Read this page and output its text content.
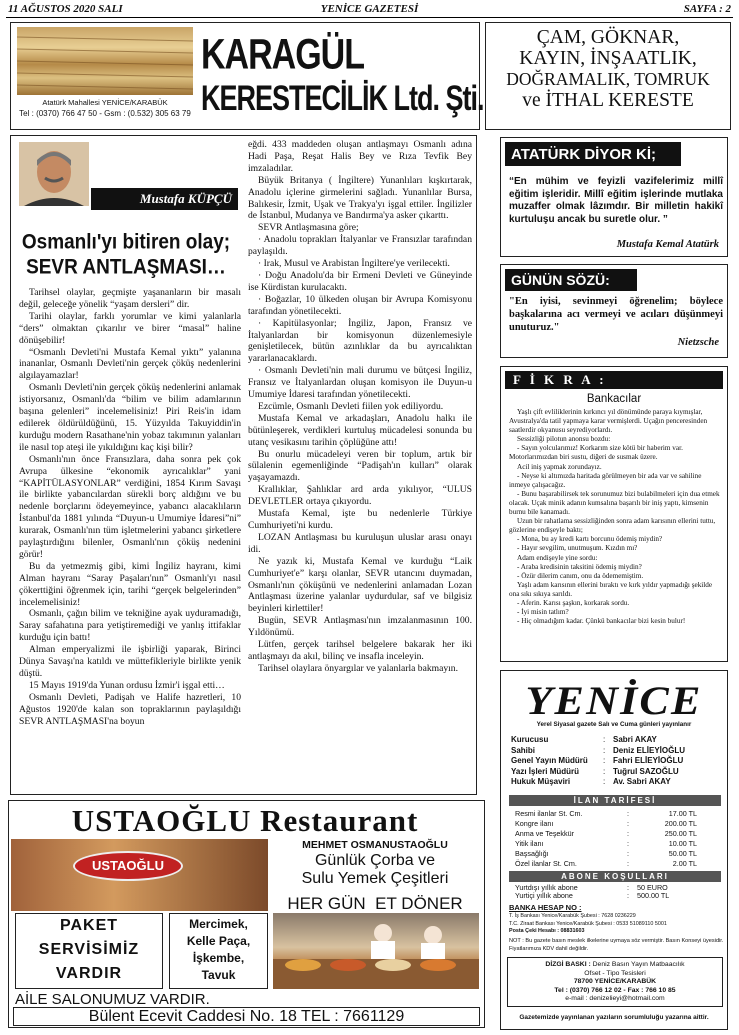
11 AĞUSTOS 2020 SALI	YENİCE GAZETESİ	SAYFA : 2
Atatürk Mahallesi YENİCE/KARABÜK
Tel : (0370) 766 47 50 - Gsm : (0.532) 305 63 79
KARAGÜL
KERESTECİLİK Ltd. Şti.
ÇAM, GÖKNAR,
KAYIN, İNŞAATLIK,
DOĞRAMALIK, TOMRUK
ve İTHAL KERESTE
Mustafa KÜPÇÜ
Osmanlı'yı bitiren olay;
SEVR ANTLAŞMASI…

Tarihsel olaylar, geçmişte yaşananların bir masalı değil, geleceğe yönelik “yaşam dersleri” dir.

Tarihi olaylar, farklı yorumlar ve kimi yalanlarla “ders” olmaktan çıkarılır ve birer “masal” haline dönüşebilir!

“Osmanlı Devleti'ni Mustafa Kemal yıktı” yalanına inananlar, Osmanlı Devleti'nin gerçek çöküş nedenlerini algılayamazlar!

Osmanlı Devleti'nin gerçek çöküş nedenlerini anlamak istiyorsanız, Osmanlı'da “bilim ve bilim adamlarının başına gelenleri” incelemelisiniz! Piri Reis'in idam edilerek öldürüldüğünü, 15. Yüzyılda Takuyiddin'in kurduğu modern Rasathane'nin yobaz takımının yalanları ile nasıl top ateşi ile yıkıldığını kaç kişi bilir?

Osmanlı'nın önce Fransızlara, daha sonra pek çok Avrupa ülkesine “ekonomik ayrıcalıklar” yani “KAPİTÜLASYONLAR” verdiğini, 1854 Kırım Savaşı ile birlikte yabancılardan sürekli borç aldığını ve bu nedenle borçlarını ödeyemeyince, yabancı alacaklıların İstanbul'da 1881 yılında “Duyun-u Umumiye İdaresi”ni” kurarak, Osmanlı'nın tüm işletmelerini yabancı şirketlere paylaştırdığını bilenler, Osmanlı'nın çöküş nedenini görür!

Bu da yetmezmiş gibi, kimi İngiliz hayranı, kimi Alman hayranı “Saray Paşaları'nın” Osmanlı'yı nasıl çökerttiğini öğrenmek için, tarihi “gerçek belgelerinden” incelemelisiniz!

Osmanlı, çağın bilim ve tekniğine ayak uyduramadığı, Saray safahatına para yetiştiremediği ve yanlış ittifaklar kurduğu için battı!

Alman emperyalizmi ile işbirliği yaparak, Birinci Dünya Savaşı'na katıldı ve müttefikleriyle birlikte yenik düştü.

15 Mayıs 1919'da Yunan ordusu İzmir'i işgal etti…

Osmanlı Devleti, Padişah ve Halife hazretleri, 10 Ağustos 1920'de kalan son topraklarının paylaşıldığı SEVR ANTLAŞMASI'na boyun

eğdi. 433 maddeden oluşan antlaşmayı Osmanlı adına Hadi Paşa, Reşat Halis Bey ve Rıza Tevfik Bey imzaladılar.

Büyük Britanya ( İngiltere) Yunanlıları kışkırtarak, Anadolu içlerine girmelerini sağladı. Yunanlılar Bursa, Balıkesir, İzmit, Uşak ve Trakya'yı işgal ettiler. İngilizler de İstanbul, Mudanya ve Bandırma'ya asker çıkarttı.

SEVR Antlaşmasına göre;

· Anadolu toprakları İtalyanlar ve Fransızlar tarafından paylaşıldı.

· Irak, Musul ve Arabistan İngiltere'ye verilecekti.

· Doğu Anadolu'da bir Ermeni Devleti ve Güneyinde ise Kürdistan kurulacaktı.

· Boğazlar, 10 ülkeden oluşan bir Avrupa Komisyonu tarafından yönetilecekti.

· Kapitülasyonlar; İngiliz, Japon, Fransız ve İtalyanlardan bir komisyonun düzenlemesiyle genişletilecek, bütün azınlıklar da bu ayrıcalıktan yararlanacaklardı.

· Osmanlı Devleti'nin mali durumu ve bütçesi İngiliz, Fransız ve İtalyanlardan oluşan komisyon ile Duyun-u Umumiye İdaresi tarafından yönetilecekti.

Ezcümle, Osmanlı Devleti fiilen yok ediliyordu.

Mustafa Kemal ve arkadaşları, Anadolu halkı ile bütünleşerek, verdikleri kurtuluş mücadelesi sonunda bu utanç vesikasını tarihin çöplüğüne attı!

Bu onurlu mücadeleyi veren bir toplum, artık bir sülalenin egemenliğinde “Padişah'ın kulları” olarak yaşayamazdı.

Krallıklar, Şahlıklar ard arda yıkılıyor, “ULUS DEVLETLER ortaya çıkıyordu.

Mustafa Kemal, işte bu nedenlerle Türkiye Cumhuriyeti'ni kurdu.

LOZAN Antlaşması bu kuruluşun uluslar arası onayı idi.

Ne yazık ki, Mustafa Kemal ve kurduğu “Laik Cumhuriyet'e” karşı olanlar, SEVR utancını duymadan, Osmanlı'nın çöküşünü ve nedenlerini anlamadan Lozan Antlaşması üzerine yalanlar uydurdular, saf ve bilgisiz beyinleri kirlettiler!

Bugün, SEVR Antlaşması'nın imzalanmasının 100. Yıldönümü.

Lütfen, gerçek tarihsel belgelere bakarak her iki antlaşmayı da akıl, bilinç ve insafla inceleyin.

Tarihsel olaylara önyargılar ve yalanlarla bakmayın.

ATATÜRK DİYOR Kİ;
“En mühim ve feyizli vazifelerimiz millî eğitim işleridir. Millî eğitim işlerinde mutlaka muzaffer olmak lâzımdır. Bir milletin hakikî kurtuluşu ancak bu suretle olur. ”
Mustafa Kemal Atatürk
GÜNÜN SÖZÜ:
"En iyisi, sevinmeyi öğrenelim; böylece başkalarına acı vermeyi ve acıları düşünmeyi unuturuz."
Nietzsche
F İ K R A :
Bankacılar

Yaşlı çift evliliklerinin kırkıncı yıl dönümünde paraya kıymışlar, Avustralya'da tatil yapmaya karar vermişlerdi. Uçağın penceresinden saatlerdir okyanusu seyrediyorlardı.

Sessizliği pilotun anonsu bozdu:

- Sayın yolcularımız! Korkarım size kötü bir haberim var. Motorlarımızdan biri sustu, diğeri de susmak üzere.

Acil iniş yapmak zorundayız.

- Neyse ki altımızda haritada görülmeyen bir ada var ve sahiline inmeye çalışacağız.

- Bunu başarabilirsek tek sorunumuz bizi bulabilmeleri için dua etmek olacak. Uçak minik adanın kumsalına başarılı bir iniş yaptı, kimsenin burnu bile kanamadı.

Uzun bir rahatlama sessizliğinden sonra adam karısının ellerini tuttu, gözlerine endişeyle baktı;

- Mona, bu ay kredi kartı borcunu ödemiş miydin?

- Hayır sevgilim, unutmuşum. Kızdın mı?

Adam endişeyle yine sordu:

- Araba kredisinin taksitini ödemiş miydin?

- Özür dilerim canım, onu da ödememiştim.

Yaşlı adam karısının ellerini bıraktı ve kırk yıldır yapmadığı şekilde ona sıkı sıkıya sarıldı.

- Aferin. Karısı şaşkın, korkarak sordu.

- İyi misin tatlım?

- Hiç olmadığım kadar. Çünkü bankacılar bizi kesin bulur!

YENİCE
Yerel Siyasal gazete Salı ve Cuma günleri yayınlanır
Kurucusu	: Sabri AKAY
Sahibi	: Deniz ELİEYİOĞLU
Genel Yayın Müdürü	: Fahri ELİEYİOĞLU
Yazı İşleri Müdürü	: Tuğrul SAZOĞLU
Hukuk Müşaviri	: Av. Sabri AKAY
İLAN TARİFESİ
Resmi ilanlar St. Cm.	:	17.00 TL
Kongre ilanı	:	200.00 TL
Anma ve Teşekkür	:	250.00 TL
Yitik ilanı	:	10.00 TL
Başsağlığı	:	50.00 TL
Özel ilanlar St. Cm.	:	2.00 TL
ABONE KOŞULLARI
Yurtdışı yıllık abone	:	50 EURO
Yurtiçi yıllık abone	:	500.00 TL
BANKA HESAP NO :
T. İş Bankası Yenice/Karabük Şubesi : 7628 0236229
T.C. Ziraat Bankası Yenice/Karabük Şubesi : 0533 51089110 5001
Posta Çeki Hesabı : 08831603
NOT : Bu gazete basın meslek ilkelerine uymaya söz vermiştir. Basın Konseyi üyesidir. Fiyatlarımıza KDV dahil değildir.
DİZGİ BASKI : Deniz Basın Yayın Matbaacılık
Ofset - Tipo Tesisleri
78700 YENİCE/KARABÜK
Tel : (0370) 766 12 02 - Fax : 766 10 85
e-mail : denizelieyi@hotmail.com
Gazetemizde yayınlanan yazıların sorumluluğu yazarına aittir.
USTAOĞLU Restaurant
USTAOĞLU
MEHMET OSMANUSTAOĞLU
Günlük Çorba ve
Sulu Yemek Çeşitleri
HER GÜN  ET DÖNER
PAKET
SERVİSİMİZ
VARDIR
Mercimek,
Kelle Paça,
İşkembe,
Tavuk
AİLE SALONUMUZ VARDIR.
Bülent Ecevit Caddesi No. 18 TEL : 7661129
